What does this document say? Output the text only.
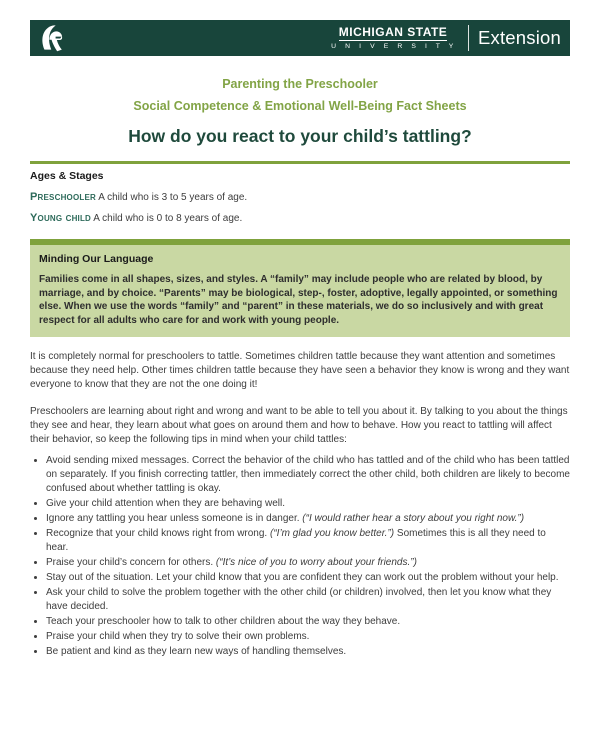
MICHIGAN STATE
U N I V E R S I T Y Extension
Parenting the Preschooler
Social Competence & Emotional Well-Being Fact Sheets
How do you react to your child’s tattling?
Ages & Stages
Preschooler A child who is 3 to 5 years of age.
Young child A child who is 0 to 8 years of age.
Minding Our Language

Families come in all shapes, sizes, and styles. A “family” may include people who are related by blood, by marriage, and by choice. “Parents” may be biological, step-, foster, adoptive, legally appointed, or something else. When we use the words “family” and “parent” in these materials, we do so inclusively and with great respect for all adults who care for and work with young people.

It is completely normal for preschoolers to tattle. Sometimes children tattle because they want attention and sometimes because they need help. Other times children tattle because they have seen a behavior they know is wrong and they want everyone to know that they are not the one doing it!

Preschoolers are learning about right and wrong and want to be able to tell you about it. By talking to you about the things they see and hear, they learn about what goes on around them and how to behave. How you react to tattling will affect their behavior, so keep the following tips in mind when your child tattles:

• Avoid sending mixed messages. Correct the behavior of the child who has tattled and of the child who has been tattled on separately. If you finish correcting tattler, then immediately correct the other child, both children are likely to become confused about whether tattling is okay.
• Give your child attention when they are behaving well.
• Ignore any tattling you hear unless someone is in danger. (“I would rather hear a story about you right now.”)
• Recognize that your child knows right from wrong. (“I’m glad you know better.”) Sometimes this is all they need to hear.
• Praise your child’s concern for others. (“It’s nice of you to worry about your friends.”)
• Stay out of the situation. Let your child know that you are confident they can work out the problem without your help.
• Ask your child to solve the problem together with the other child (or children) involved, then let you know what they have decided.
• Teach your preschooler how to talk to other children about the way they behave.
• Praise your child when they try to solve their own problems.
• Be patient and kind as they learn new ways of handling themselves.
